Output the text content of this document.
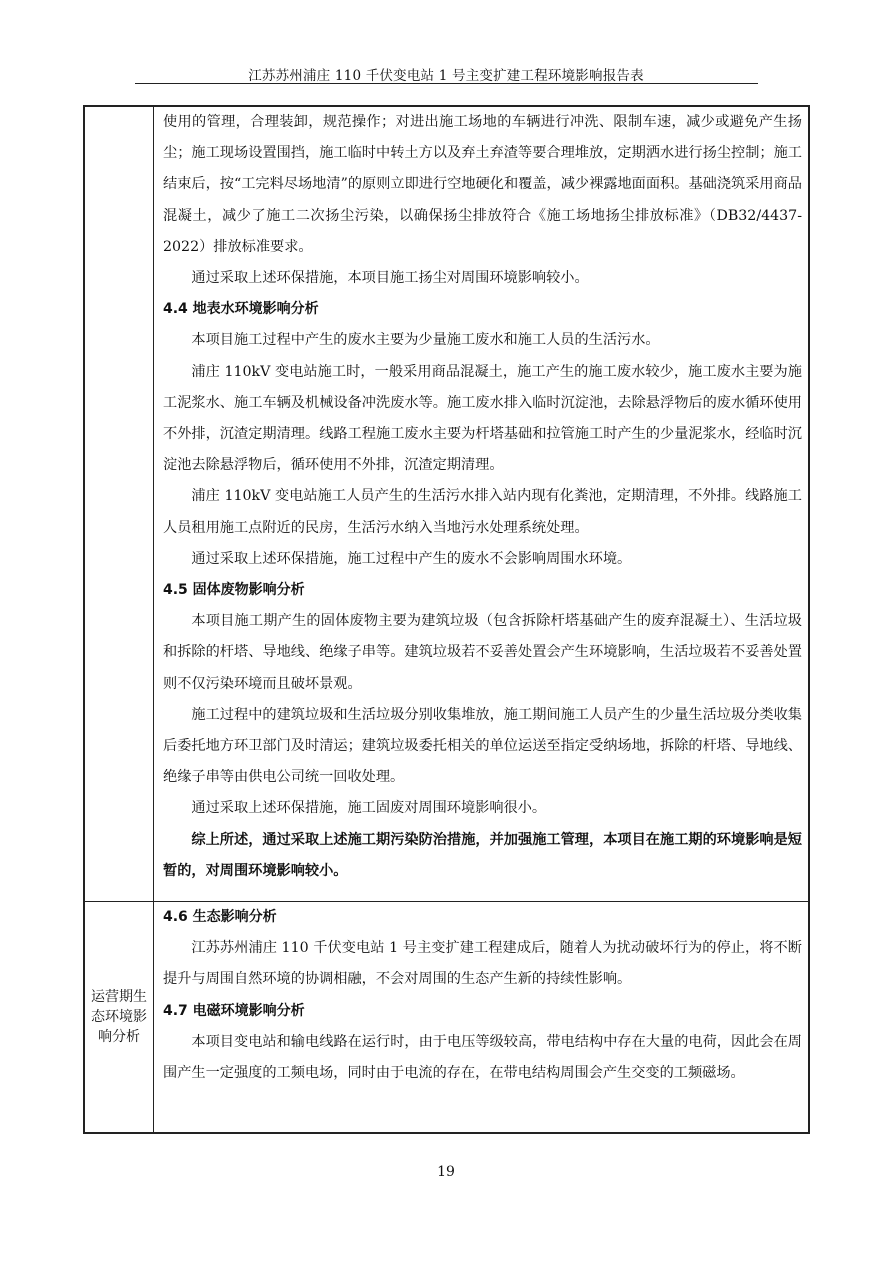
江苏苏州浦庄 110 千伏变电站 1 号主变扩建工程环境影响报告表

使用的管理，合理装卸，规范操作；对进出施工场地的车辆进行冲洗、限制车速，减少或避免产生扬尘；施工现场设置围挡，施工临时中转土方以及弃土弃渣等要合理堆放，定期洒水进行扬尘控制；施工结束后，按“工完料尽场地清”的原则立即进行空地硬化和覆盖，减少裸露地面面积。基础浇筑采用商品混凝土，减少了施工二次扬尘污染，以确保扬尘排放符合《施工场地扬尘排放标准》（DB32/4437-2022）排放标准要求。

通过采取上述环保措施，本项目施工扬尘对周围环境影响较小。

4.4 地表水环境影响分析

本项目施工过程中产生的废水主要为少量施工废水和施工人员的生活污水。

浦庄 110kV 变电站施工时，一般采用商品混凝土，施工产生的施工废水较少，施工废水主要为施工泥浆水、施工车辆及机械设备冲洗废水等。施工废水排入临时沉淀池，去除悬浮物后的废水循环使用不外排，沉渣定期清理。线路工程施工废水主要为杆塔基础和拉管施工时产生的少量泥浆水，经临时沉淀池去除悬浮物后，循环使用不外排，沉渣定期清理。

浦庄 110kV 变电站施工人员产生的生活污水排入站内现有化粪池，定期清理，不外排。线路施工人员租用施工点附近的民房，生活污水纳入当地污水处理系统处理。

通过采取上述环保措施，施工过程中产生的废水不会影响周围水环境。

4.5 固体废物影响分析

本项目施工期产生的固体废物主要为建筑垃圾（包含拆除杆塔基础产生的废弃混凝土）、生活垃圾和拆除的杆塔、导地线、绝缘子串等。建筑垃圾若不妥善处置会产生环境影响，生活垃圾若不妥善处置则不仅污染环境而且破坏景观。

施工过程中的建筑垃圾和生活垃圾分别收集堆放，施工期间施工人员产生的少量生活垃圾分类收集后委托地方环卫部门及时清运；建筑垃圾委托相关的单位运送至指定受纳场地，拆除的杆塔、导地线、绝缘子串等由供电公司统一回收处理。

通过采取上述环保措施，施工固废对周围环境影响很小。

综上所述，通过采取上述施工期污染防治措施，并加强施工管理，本项目在施工期的环境影响是短暂的，对周围环境影响较小。

运营期生态环境影响分析

4.6 生态影响分析

江苏苏州浦庄 110 千伏变电站 1 号主变扩建工程建成后，随着人为扰动破坏行为的停止，将不断提升与周围自然环境的协调相融，不会对周围的生态产生新的持续性影响。

4.7 电磁环境影响分析

本项目变电站和输电线路在运行时，由于电压等级较高，带电结构中存在大量的电荷，因此会在周围产生一定强度的工频电场，同时由于电流的存在，在带电结构周围会产生交变的工频磁场。

19
